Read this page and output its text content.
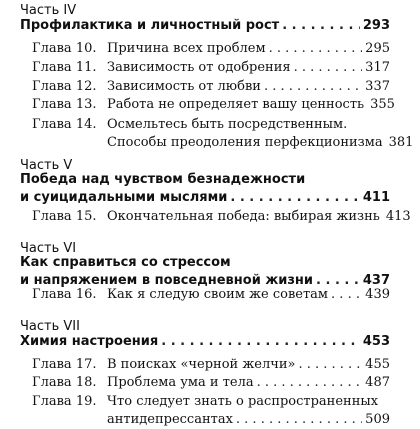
Часть IV
Профилактика и личностный рост . . .	293
Глава 10. Причина всех проблем . . .	295
Глава 11. Зависимость от одобрения . . .	317
Глава 12. Зависимость от любви . . .	337
Глава 13. Работа не определяет вашу ценность 355
Глава 14. Осмельтесь быть посредственным.
Способы преодоления перфекционизма 381
Часть V
Победа над чувством безнадежности
и суицидальными мыслями . . .	411
Глава 15. Окончательная победа: выбирая жизнь 413
Часть VI
Как справиться со стрессом
и напряжением в повседневной жизни . . .	437
Глава 16. Как я следую своим же советам . . .	439
Часть VII
Химия настроения . . .	453
Глава 17. В поисках «черной желчи» . . .	455
Глава 18. Проблема ума и тела . . .	487
Глава 19. Что следует знать о распространенных
антидепрессантах . . .	509
